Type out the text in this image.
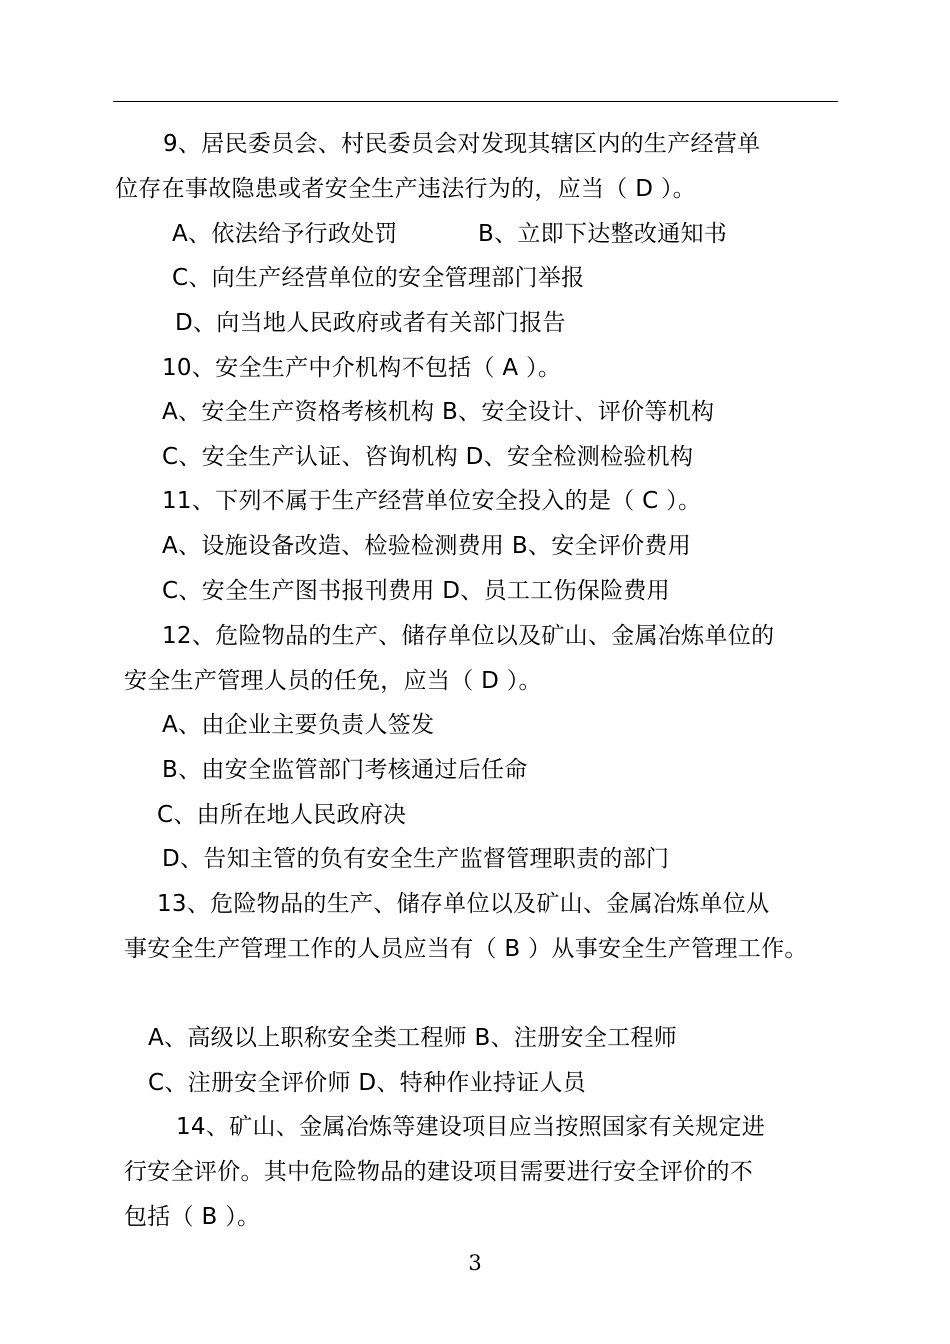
9、居民委员会、村民委员会对发现其辖区内的生产经营单
位存在事故隐患或者安全生产违法行为的，应当（ D ）。
A、依法给予行政处罚	B、立即下达整改通知书
C、向生产经营单位的安全管理部门举报
D、向当地人民政府或者有关部门报告
10、安全生产中介机构不包括（ A ）。
A、安全生产资格考核机构 B、安全设计、评价等机构
C、安全生产认证、咨询机构 D、安全检测检验机构
11、下列不属于生产经营单位安全投入的是（ C ）。
A、设施设备改造、检验检测费用 B、安全评价费用
C、安全生产图书报刊费用 D、员工工伤保险费用
12、危险物品的生产、储存单位以及矿山、金属冶炼单位的
安全生产管理人员的任免，应当（ D ）。
A、由企业主要负责人签发
B、由安全监管部门考核通过后任命
C、由所在地人民政府决
D、告知主管的负有安全生产监督管理职责的部门
13、危险物品的生产、储存单位以及矿山、金属冶炼单位从
事安全生产管理工作的人员应当有（ B ）从事安全生产管理工作。
A、高级以上职称安全类工程师 B、注册安全工程师
C、注册安全评价师 D、特种作业持证人员
14、矿山、金属冶炼等建设项目应当按照国家有关规定进
行安全评价。其中危险物品的建设项目需要进行安全评价的不
包括（ B ）。
3
